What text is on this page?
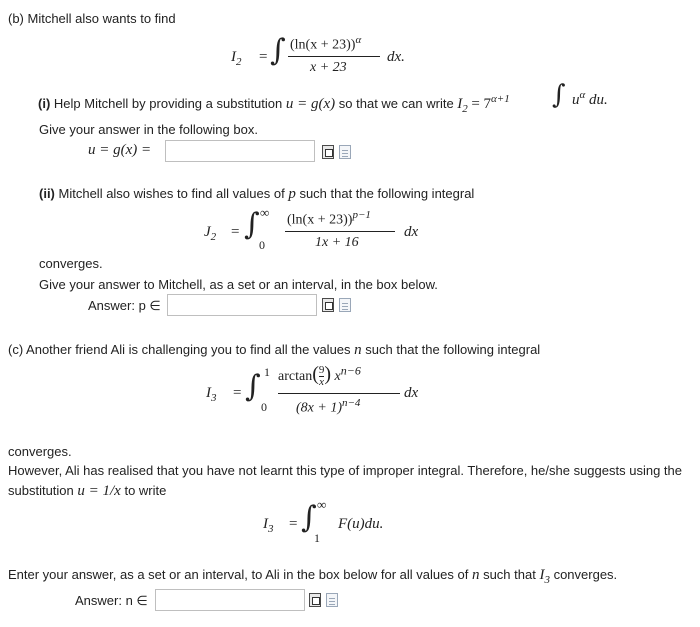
(b) Mitchell also wants to find
$I_2$ = ∫ $(\ln(x + 23))^\alpha$
x + 23
dx.
(i) Help Mitchell by providing a substitution u = g(x) so that we can write $I_2 = 7^{\alpha+1}$ ∫ $u^\alpha$ du.
Give your answer in the following box.
u = g(x) =
(ii) Mitchell also wishes to find all values of p such that the following integral
$J_2$ = ∫ ∞
0
$(\ln(x + 23))^{p-1}$
1x + 16
dx
converges.
Give your answer to Mitchell, as a set or an interval, in the box below.
Answer: p ∈
(c) Another friend Ali is challenging you to find all the values n such that the following integral
$I_3$ = ∫ 1
0
$\arctan(\frac{9}{x}$ ) $x^{n-6}$
$(8x + 1)^{n-4}$
dx
converges.
However, Ali has realised that you have not learnt this type of improper integral. Therefore, he/she suggests using the
substitution u = 1/x to write
$I_3$ = ∫ ∞
1
F(u)du.
Enter your answer, as a set or an interval, to Ali in the box below for all values of n such that $I_3$ converges.
Answer: n ∈
